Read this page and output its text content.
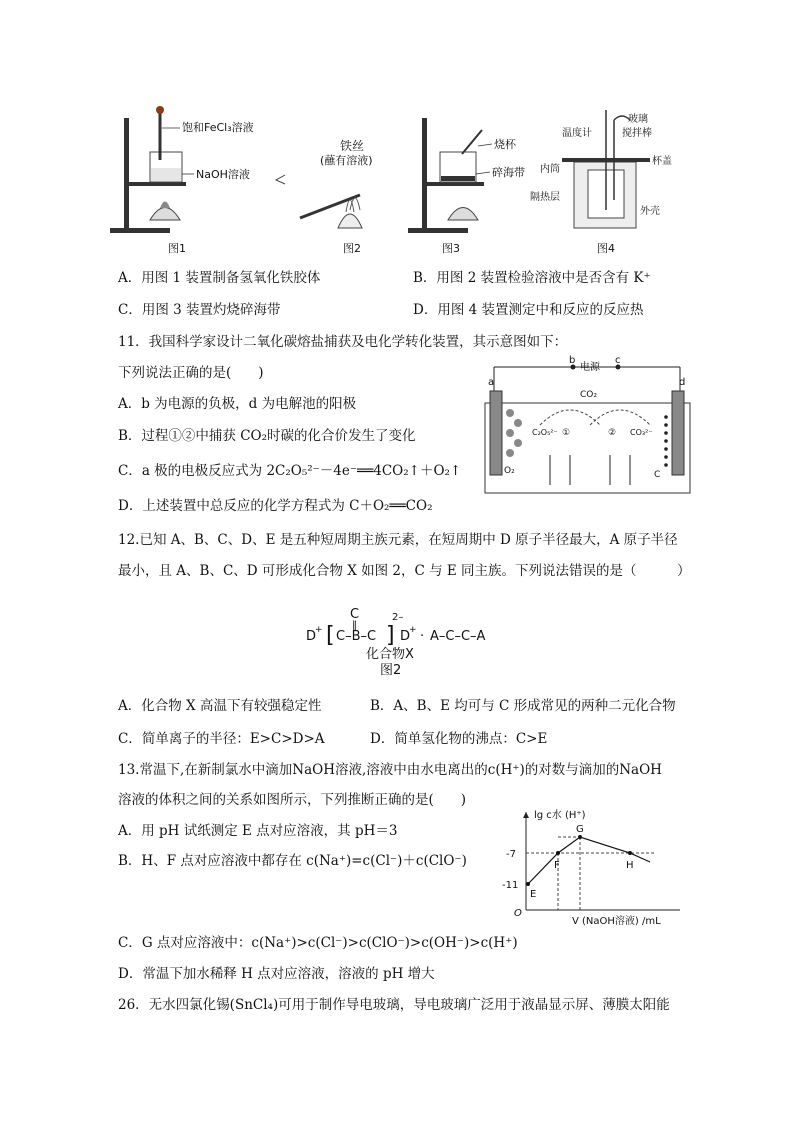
饱和FeCl₃溶液
NaOH溶液
图1
铁丝
(蘸有溶液)
图2
烧杯
碎海带
图3
玻璃
搅拌棒
温度计
杯盖
内筒
隔热层
外壳
图4
A．用图 1 装置制备氢氧化铁胶体	B．用图 2 装置检验溶液中是否含有 K⁺
C．用图 3 装置灼烧碎海带	D．用图 4 装置测定中和反应的反应热
11．我国科学家设计二氧化碳熔盐捕获及电化学转化装置，其示意图如下：
下列说法正确的是(　　)
A．b 为电源的负极，d 为电解池的阳极
B．过程①②中捕获 CO₂时碳的化合价发生了变化
C．a 极的电极反应式为 2C₂O₅²⁻－4e⁻══4CO₂↑＋O₂↑
D．上述装置中总反应的化学方程式为 C＋O₂══CO₂
b	c
电源
a	d
CO₂
C₂O₅²⁻ ①	② CO₃²⁻
O₂	C
12.已知 A、B、C、D、E 是五种短周期主族元素，在短周期中 D 原子半径最大，A 原子半径
最小，且 A、B、C、D 可形成化合物 X 如图 2，C 与 E 同主族。下列说法错误的是（　　　）
D
+ [ C–B–C
C
‖ ]
2–
D
+ · A–C–C–A
化合物X
图2
A．化合物 X 高温下有较强稳定性	B．A、B、E 均可与 C 形成常见的两种二元化合物
C．简单离子的半径：E>C>D>A	D．简单氢化物的沸点：C>E
13.常温下,在新制氯水中滴加NaOH溶液,溶液中由水电离出的c(H⁺)的对数与滴加的NaOH
溶液的体积之间的关系如图所示，下列推断正确的是(　　)
A．用 pH 试纸测定 E 点对应溶液，其 pH＝3
B．H、F 点对应溶液中都存在 c(Na⁺)=c(Cl⁻)＋c(ClO⁻)
lg c水 (H⁺)
V (NaOH溶液) /mL
O
-7
-11
E
F
G
H
C．G 点对应溶液中：c(Na⁺)>c(Cl⁻)>c(ClO⁻)>c(OH⁻)>c(H⁺)
D．常温下加水稀释 H 点对应溶液，溶液的 pH 增大
26．无水四氯化锡(SnCl₄)可用于制作导电玻璃，导电玻璃广泛用于液晶显示屏、薄膜太阳能
